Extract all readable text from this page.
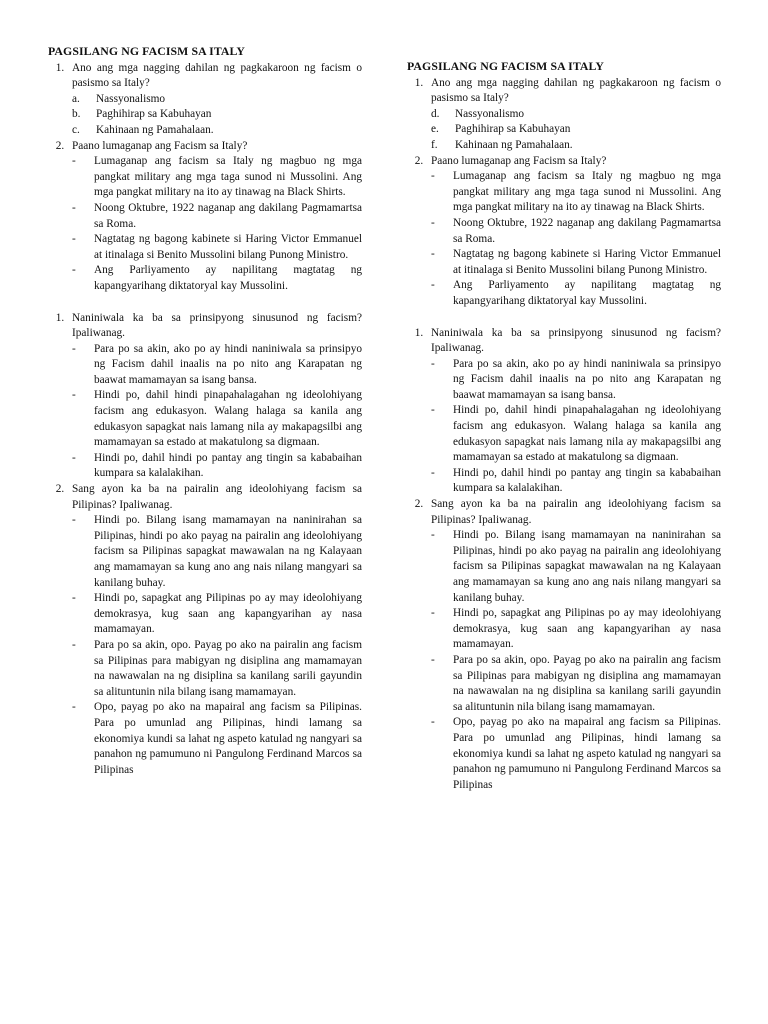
PAGSILANG NG FACISM SA ITALY
1. Ano ang mga nagging dahilan ng pagkakaroon ng facism o pasismo sa Italy?
a. Nassyonalismo
b. Paghihirap sa Kabuhayan
c. Kahinaan ng Pamahalaan.
2. Paano lumaganap ang Facism sa Italy?
- Lumaganap ang facism sa Italy ng magbuo ng mga pangkat military ang mga taga sunod ni Mussolini. Ang mga pangkat military na ito ay tinawag na Black Shirts.
- Noong Oktubre, 1922 naganap ang dakilang Pagmamartsa sa Roma.
- Nagtatag ng bagong kabinete si Haring Victor Emmanuel at itinalaga si Benito Mussolini bilang Punong Ministro.
- Ang Parliyamento ay napilitang magtatag ng kapangyarihang diktatoryal kay Mussolini.
1. Naniniwala ka ba sa prinsipyong sinusunod ng facism? Ipaliwanag.
- Para po sa akin, ako po ay hindi naniniwala sa prinsipyo ng Facism dahil inaalis na po nito ang Karapatan ng baawat mamamayan sa isang bansa.
- Hindi po, dahil hindi pinapahalagahan ng ideolohiyang facism ang edukasyon. Walang halaga sa kanila ang edukasyon sapagkat nais lamang nila ay makapagsilbi ang mamamayan sa estado at makatulong sa digmaan.
- Hindi po, dahil hindi po pantay ang tingin sa kababaihan kumpara sa kalalakihan.
2. Sang ayon ka ba na pairalin ang ideolohiyang facism sa Pilipinas? Ipaliwanag.
- Hindi po. Bilang isang mamamayan na naninirahan sa Pilipinas, hindi po ako payag na pairalin ang ideolohiyang facism sa Pilipinas sapagkat mawawalan na ng Kalayaan ang mamamayan sa kung ano ang nais nilang mangyari sa kanilang buhay.
- Hindi po, sapagkat ang Pilipinas po ay may ideolohiyang demokrasya, kug saan ang kapangyarihan ay nasa mamamayan.
- Para po sa akin, opo. Payag po ako na pairalin ang facism sa Pilipinas para mabigyan ng disiplina ang mamamayan na nawawalan na ng disiplina sa kanilang sarili gayundin sa alituntunin nila bilang isang mamamayan.
- Opo, payag po ako na mapairal ang facism sa Pilipinas. Para po umunlad ang Pilipinas, hindi lamang sa ekonomiya kundi sa lahat ng aspeto katulad ng nangyari sa panahon ng pamumuno ni Pangulong Ferdinand Marcos sa Pilipinas
PAGSILANG NG FACISM SA ITALY
1. Ano ang mga nagging dahilan ng pagkakaroon ng facism o pasismo sa Italy?
d. Nassyonalismo
e. Paghihirap sa Kabuhayan
f. Kahinaan ng Pamahalaan.
2. Paano lumaganap ang Facism sa Italy?
- Lumaganap ang facism sa Italy ng magbuo ng mga pangkat military ang mga taga sunod ni Mussolini. Ang mga pangkat military na ito ay tinawag na Black Shirts.
- Noong Oktubre, 1922 naganap ang dakilang Pagmamartsa sa Roma.
- Nagtatag ng bagong kabinete si Haring Victor Emmanuel at itinalaga si Benito Mussolini bilang Punong Ministro.
- Ang Parliyamento ay napilitang magtatag ng kapangyarihang diktatoryal kay Mussolini.
1. Naniniwala ka ba sa prinsipyong sinusunod ng facism? Ipaliwanag.
- Para po sa akin, ako po ay hindi naniniwala sa prinsipyo ng Facism dahil inaalis na po nito ang Karapatan ng baawat mamamayan sa isang bansa.
- Hindi po, dahil hindi pinapahalagahan ng ideolohiyang facism ang edukasyon. Walang halaga sa kanila ang edukasyon sapagkat nais lamang nila ay makapagsilbi ang mamamayan sa estado at makatulong sa digmaan.
- Hindi po, dahil hindi po pantay ang tingin sa kababaihan kumpara sa kalalakihan.
2. Sang ayon ka ba na pairalin ang ideolohiyang facism sa Pilipinas? Ipaliwanag.
- Hindi po. Bilang isang mamamayan na naninirahan sa Pilipinas, hindi po ako payag na pairalin ang ideolohiyang facism sa Pilipinas sapagkat mawawalan na ng Kalayaan ang mamamayan sa kung ano ang nais nilang mangyari sa kanilang buhay.
- Hindi po, sapagkat ang Pilipinas po ay may ideolohiyang demokrasya, kug saan ang kapangyarihan ay nasa mamamayan.
- Para po sa akin, opo. Payag po ako na pairalin ang facism sa Pilipinas para mabigyan ng disiplina ang mamamayan na nawawalan na ng disiplina sa kanilang sarili gayundin sa alituntunin nila bilang isang mamamayan.
- Opo, payag po ako na mapairal ang facism sa Pilipinas. Para po umunlad ang Pilipinas, hindi lamang sa ekonomiya kundi sa lahat ng aspeto katulad ng nangyari sa panahon ng pamumuno ni Pangulong Ferdinand Marcos sa Pilipinas
